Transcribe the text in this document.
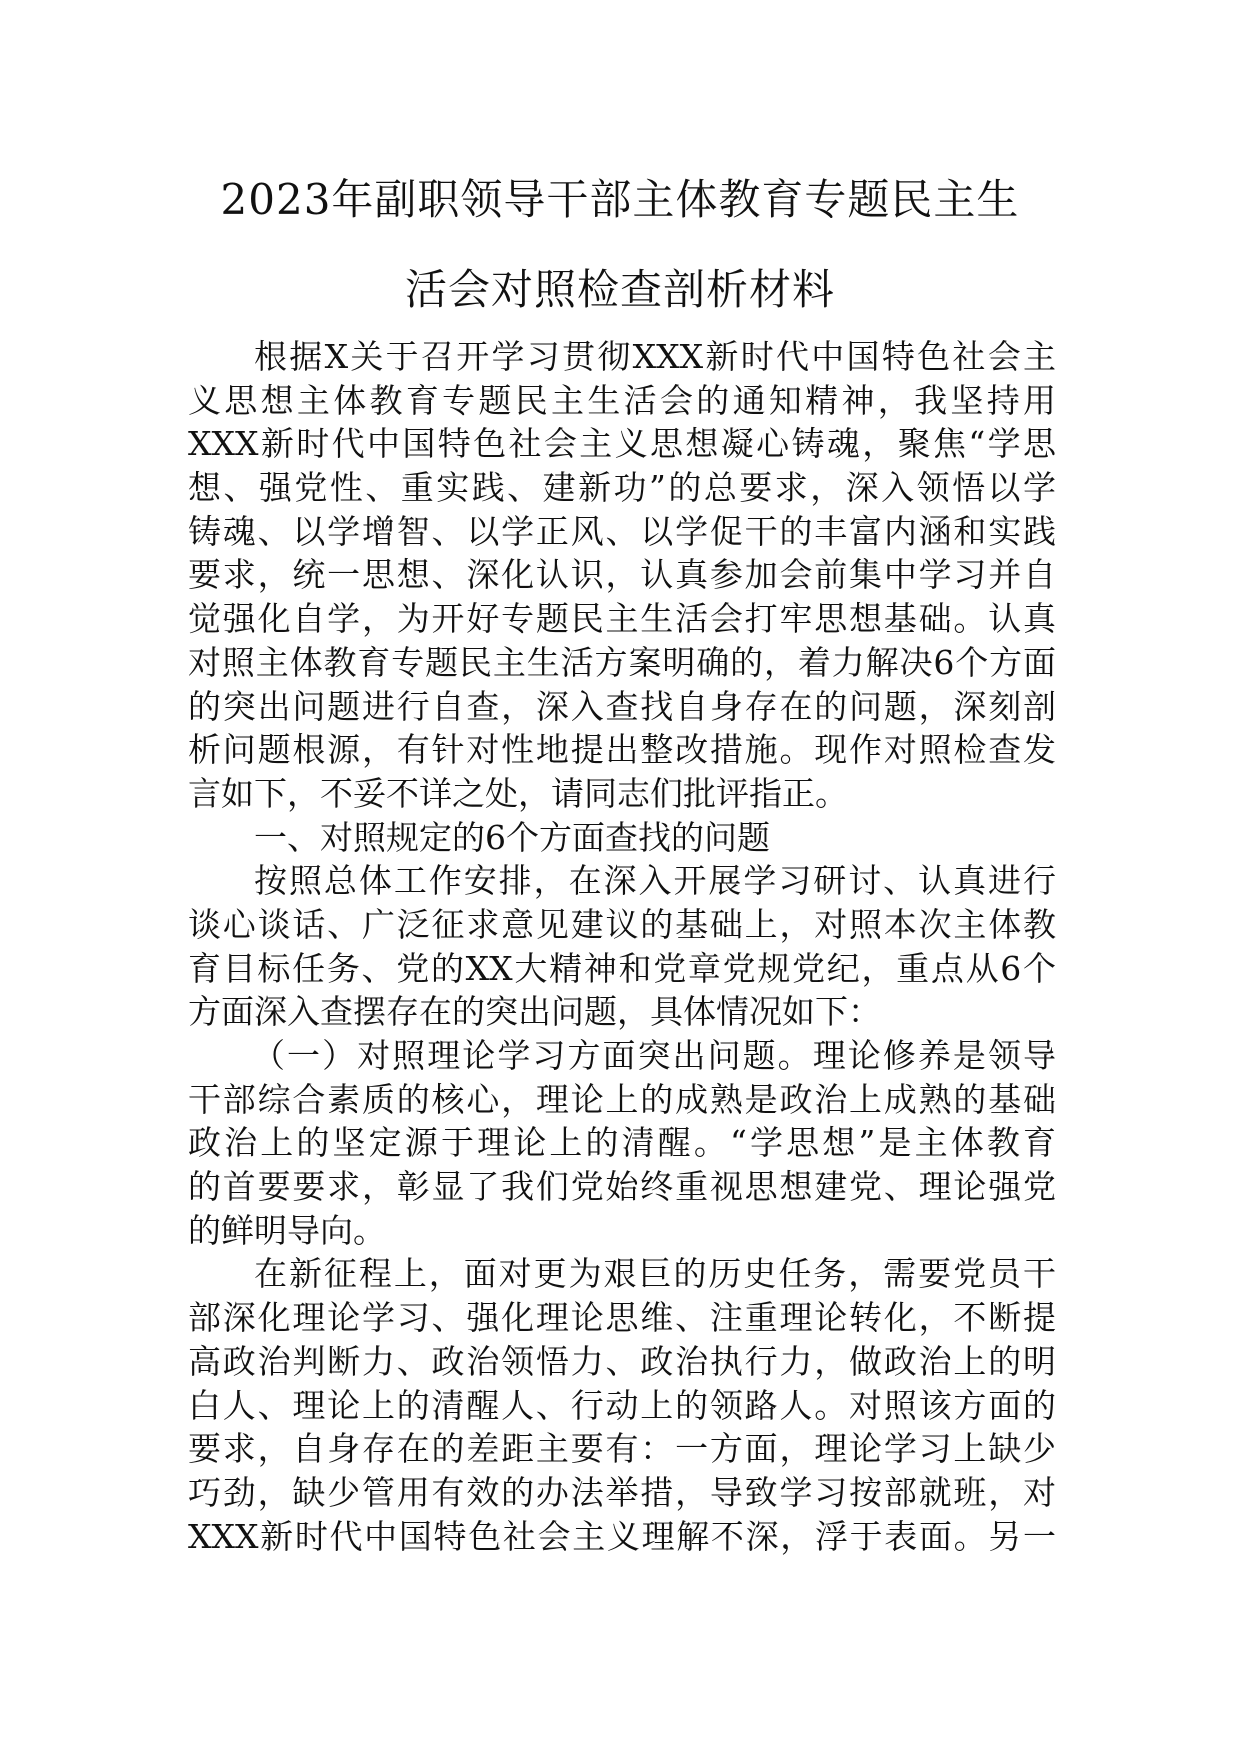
2023年副职领导干部主体教育专题民主生
活会对照检查剖析材料
根据X关于召开学习贯彻XXX新时代中国特色社会主
义思想主体教育专题民主生活会的通知精神，我坚持用
XXX新时代中国特色社会主义思想凝心铸魂，聚焦“学思
想、强党性、重实践、建新功”的总要求，深入领悟以学
铸魂、以学增智、以学正风、以学促干的丰富内涵和实践
要求，统一思想、深化认识，认真参加会前集中学习并自
觉强化自学，为开好专题民主生活会打牢思想基础。认真
对照主体教育专题民主生活方案明确的，着力解决6个方面
的突出问题进行自查，深入查找自身存在的问题，深刻剖
析问题根源，有针对性地提出整改措施。现作对照检查发
言如下，不妥不详之处，请同志们批评指正。
一、对照规定的6个方面查找的问题
按照总体工作安排，在深入开展学习研讨、认真进行
谈心谈话、广泛征求意见建议的基础上，对照本次主体教
育目标任务、党的XX大精神和党章党规党纪，重点从6个
方面深入查摆存在的突出问题，具体情况如下：
（一）对照理论学习方面突出问题。理论修养是领导
干部综合素质的核心，理论上的成熟是政治上成熟的基础
政治上的坚定源于理论上的清醒。“学思想”是主体教育
的首要要求，彰显了我们党始终重视思想建党、理论强党
的鲜明导向。
在新征程上，面对更为艰巨的历史任务，需要党员干
部深化理论学习、强化理论思维、注重理论转化，不断提
高政治判断力、政治领悟力、政治执行力，做政治上的明
白人、理论上的清醒人、行动上的领路人。对照该方面的
要求，自身存在的差距主要有：一方面，理论学习上缺少
巧劲，缺少管用有效的办法举措，导致学习按部就班，对
XXX新时代中国特色社会主义理解不深，浮于表面。另一
